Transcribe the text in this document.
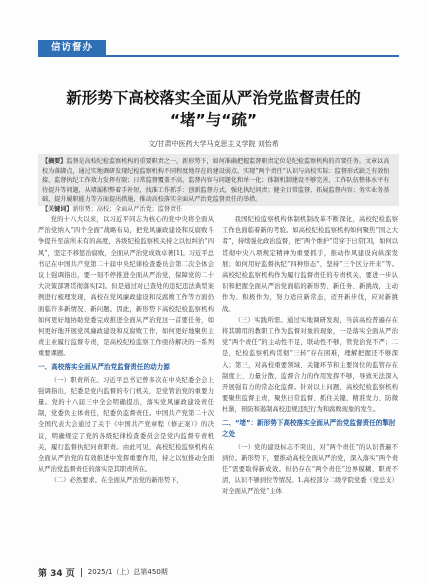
信访督办
新形势下高校落实全面从严治党监督责任的
“堵”与“疏”
文/甘肃中医药大学马克思主义学院 刘怡希
【摘要】监督是高校纪检监察机构的重要职责之一，新形势下，如何准确把握监督职责定位是纪检监察机构的首要任务。文章以高校为落脚点，通过实地调研发现纪检监察机构不同程度地存在的建设弱点，实现“两个责任”认识与高校实际：监督形式缺乏有效衔接，监督执纪工作效力发挥有限；日常监督覆盖不高，监督内容与问题化和单一化；体制机制建设不够完善，工作队伍整体水平有待提升等问题，从堵漏积弊着手补短，找准工作抓手：创新监督方式，强化执纪问责；健全日常监督，拓展监督内容；务实业务基础，提升履职能力等方面提出措施，推动高校落实全面从严治党监督责任的举措。
【关键词】新形势；高校；全面从严治党；监督责任

党的十八大以来，以习近平同志为核心的党中央将全面从严治党纳入“四个全面”战略布局，把党风廉政建设和反腐败斗争提升至前所未有的高度，各级纪检监察机关持之以恒纠治“四风”，坚定不移惩治腐败，全面从严治党成效卓著[1]。习近平总书记在中国共产党第二十届中央纪律检查委员会第二次全体会议上强调指出，要一刻不停推进全面从严治党，保障党的二十大决策部署贯彻落实[2]。但是通过对已查处的违纪违法典型案例进行梳理发现，高校在党风廉政建设和反腐败工作等方面仍面临许多新情况、新问题。因此，新形势下高校纪检监察机构如何更好地协助党委完成推进全面从严治党这一首要任务，如何更好地开展党风廉政建设和反腐败工作，如何更好地聚焦主责主业履行监督专责，是高校纪检监察工作亟待解决的一系列重要课题。

一、高校落实全面从严治党监督责任的动力源

（一）职责所在。习近平总书记曾多次在中央纪委全会上强调指出，纪委是党内监督的专门机关，是党管治党的重要力量。党的十八届三中全会明确提出，落实党风廉政建设责任制，党委负主体责任，纪委负监督责任。中国共产党第二十次全国代表大会通过了关于《中国共产党章程（修正案）》的决议，明确规定了党的各级纪律检查委员会是党内监督专责机关，履行监督执纪问责职责。由此可见，高校纪检监察机构在全面从严治党的有效推进中发挥重要作用，持之以恒推动全面从严治党监督责任的落实是其职责所在。

（二）必然要求。在全面从严治党的新形势下，

我国纪检监察机构体制机制改革不断深化，高校纪检监察工作也面临着新的考验。如高校纪检监察机构如何聚焦“国之大者”，持续强化政治监督，把“两个维护”贯穿于日常[3]，如何以贯彻中央八项规定精神为重要抓手，推动作风建设向纵深发展；如何用好监督执纪“四种形态”，坚持“三个区分开来”等。高校纪检监察机构作为履行监督责任的专责机关，要进一步认识和把握全面从严治党面临的新形势、新任务、新挑战，主动作为、积极作为，努力适应新常态，迈开新步伐，应对新挑战。

（三）实践所需。通过实地调研发现，当前高校普遍存在将其聘用的教职工作为监督对象的现象，一是落实全面从严治党“两个责任”的主动性不足，联动性不够，管党治党不严；二是，纪检监察机构贯彻“三转”存在困难，理解把握还不够深入；第三，对高校重要领域、关键环节和主要岗位的监管存在制度上、力量分散、监督合力的作用发挥不够，导致无法深入开展强有力的常态化监督。针对以上问题，高校纪检监察机构要聚焦监督主责，聚焦日常监督、抓住关键，精准发力、防微杜渐，预防和遏制高校违规违纪行为和腐败现象的发生。

二、“堵”：新形势下高校落实全面从严治党监督责任的掣肘之处

（一）党的建设标志不突出，对“两个责任”的认识普遍不到位。新形势下，要推动高校全面从严治党，深入落实“两个责任”需要取得新成效。但仍存在“两个责任”边界模糊、职责不清，认识不够到位等情况。1.高校部分二级学院党委（党总支）对全面从严治党“主体

第 34 页 2025/1（上）总第450期
